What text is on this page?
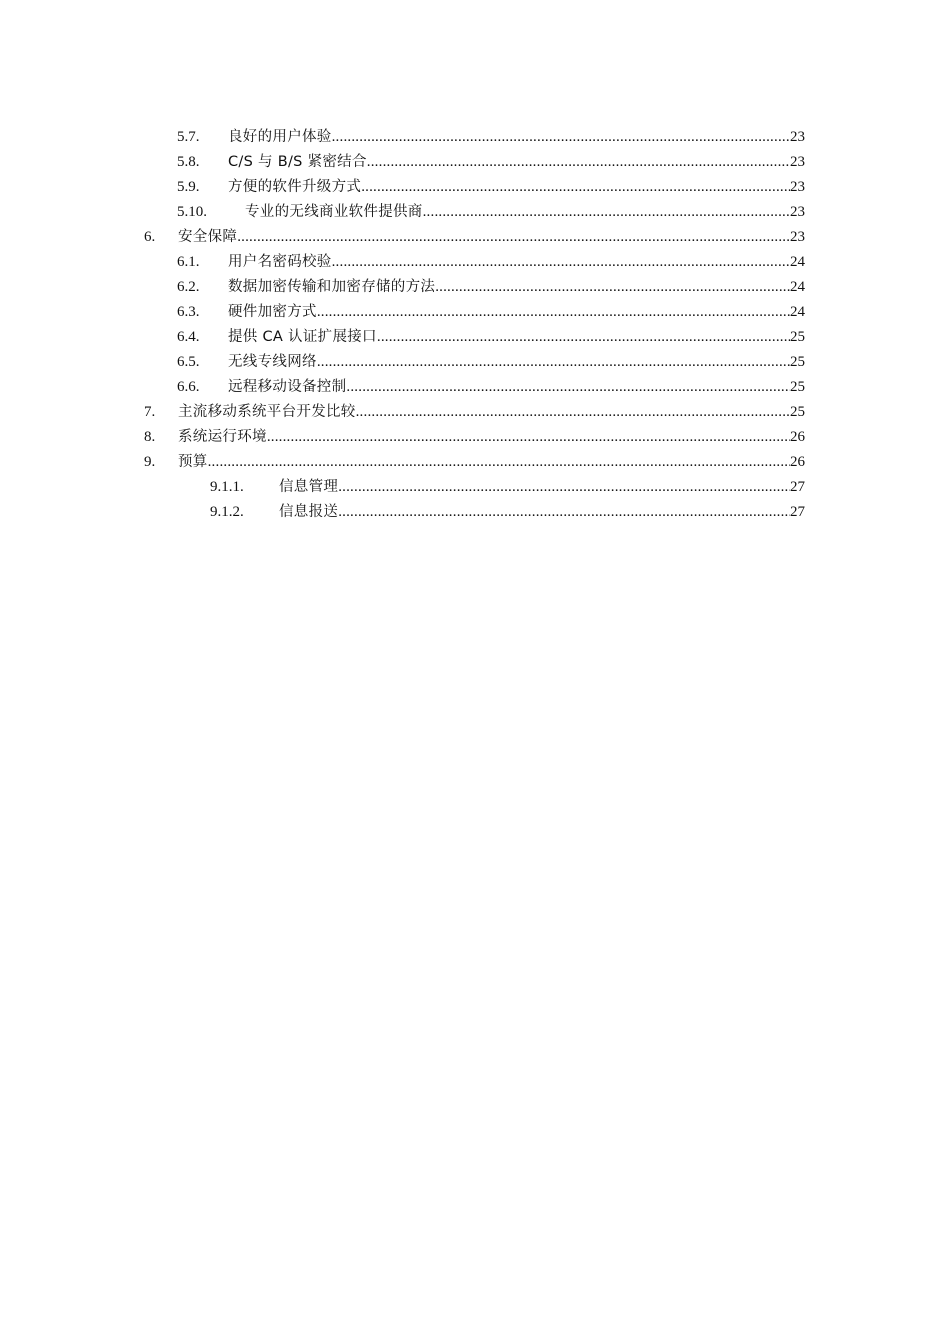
5.7. 良好的用户体验 .....	23
5.8. C/S 与 B/S 紧密结合 .....	23
5.9. 方便的软件升级方式 .....	23
5.10.	专业的无线商业软件提供商 .....	23
6. 安全保障 .....	23
6.1. 用户名密码校验 .....	24
6.2. 数据加密传输和加密存储的方法 .....	24
6.3. 硬件加密方式 .....	24
6.4. 提供 CA 认证扩展接口 .....	25
6.5. 无线专线网络 .....	25
6.6. 远程移动设备控制 .....	25
7. 主流移动系统平台开发比较 .....	25
8. 系统运行环境 .....	26
9. 预算 .....	26
9.1.1. 信息管理 .....	27
9.1.2. 信息报送 .....	27
